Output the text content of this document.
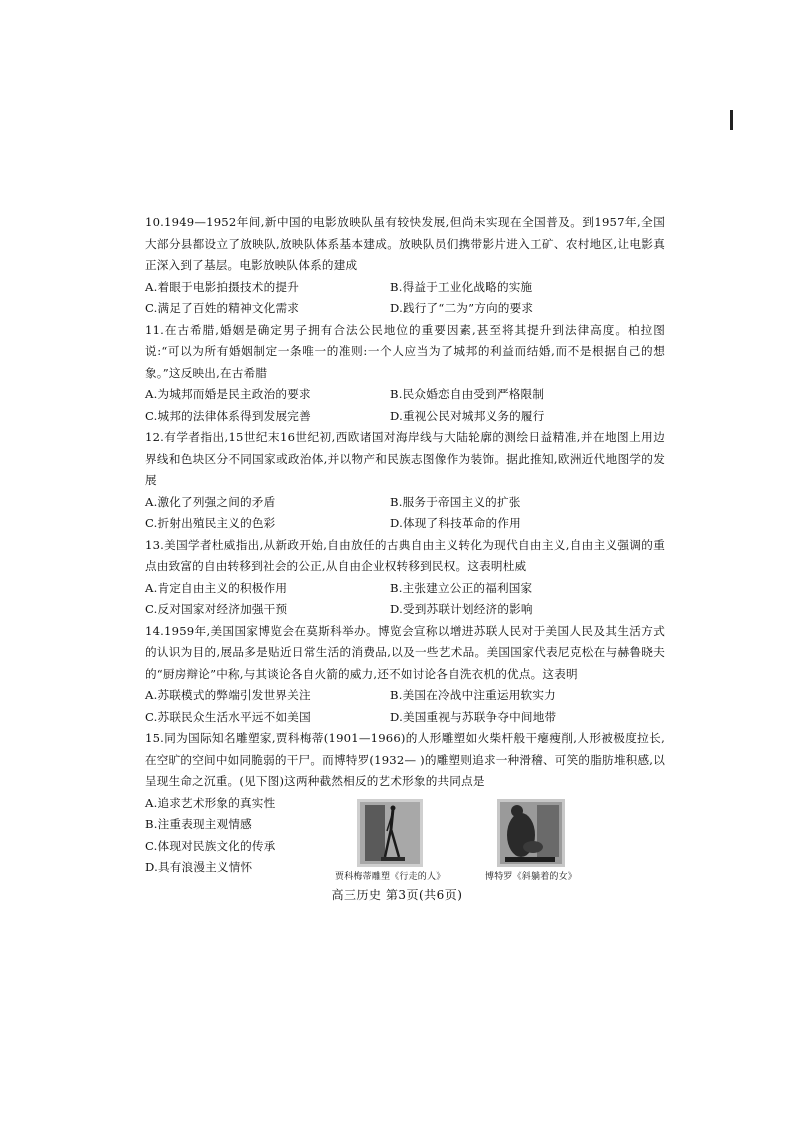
10.1949—1952年间,新中国的电影放映队虽有较快发展,但尚未实现在全国普及。到1957年,全国大部分县都设立了放映队,放映队体系基本建成。放映队员们携带影片进入工矿、农村地区,让电影真正深入到了基层。电影放映队体系的建成

A.着眼于电影拍摄技术的提升	B.得益于工业化战略的实施
C.满足了百姓的精神文化需求	D.践行了“二为”方向的要求

11.在古希腊,婚姻是确定男子拥有合法公民地位的重要因素,甚至将其提升到法律高度。柏拉图说:“可以为所有婚姻制定一条唯一的准则:一个人应当为了城邦的利益而结婚,而不是根据自己的想象。”这反映出,在古希腊

A.为城邦而婚是民主政治的要求	B.民众婚恋自由受到严格限制
C.城邦的法律体系得到发展完善	D.重视公民对城邦义务的履行

12.有学者指出,15世纪末16世纪初,西欧诸国对海岸线与大陆轮廓的测绘日益精准,并在地图上用边界线和色块区分不同国家或政治体,并以物产和民族志图像作为装饰。据此推知,欧洲近代地图学的发展

A.激化了列强之间的矛盾	B.服务于帝国主义的扩张
C.折射出殖民主义的色彩	D.体现了科技革命的作用

13.美国学者杜威指出,从新政开始,自由放任的古典自由主义转化为现代自由主义,自由主义强调的重点由致富的自由转移到社会的公正,从自由企业权转移到民权。这表明杜威

A.肯定自由主义的积极作用	B.主张建立公正的福利国家
C.反对国家对经济加强干预	D.受到苏联计划经济的影响

14.1959年,美国国家博览会在莫斯科举办。博览会宣称以增进苏联人民对于美国人民及其生活方式的认识为目的,展品多是贴近日常生活的消费品,以及一些艺术品。美国国家代表尼克松在与赫鲁晓夫的“厨房辩论”中称,与其谈论各自火箭的威力,还不如讨论各自洗衣机的优点。这表明

A.苏联模式的弊端引发世界关注	B.美国在冷战中注重运用软实力
C.苏联民众生活水平远不如美国	D.美国重视与苏联争夺中间地带

15.同为国际知名雕塑家,贾科梅蒂(1901—1966)的人形雕塑如火柴杆般干瘪瘦削,人形被极度拉长,在空旷的空间中如同脆弱的干尸。而博特罗(1932— )的雕塑则追求一种滑稽、可笑的脂肪堆积感,以呈现生命之沉重。(见下图)这两种截然相反的艺术形象的共同点是

A.追求艺术形象的真实性
B.注重表现主观情感
C.体现对民族文化的传承
D.具有浪漫主义情怀
贾科梅蒂雕塑《行走的人》	博特罗《斜躺着的女》
高三历史 第3页(共6页)
